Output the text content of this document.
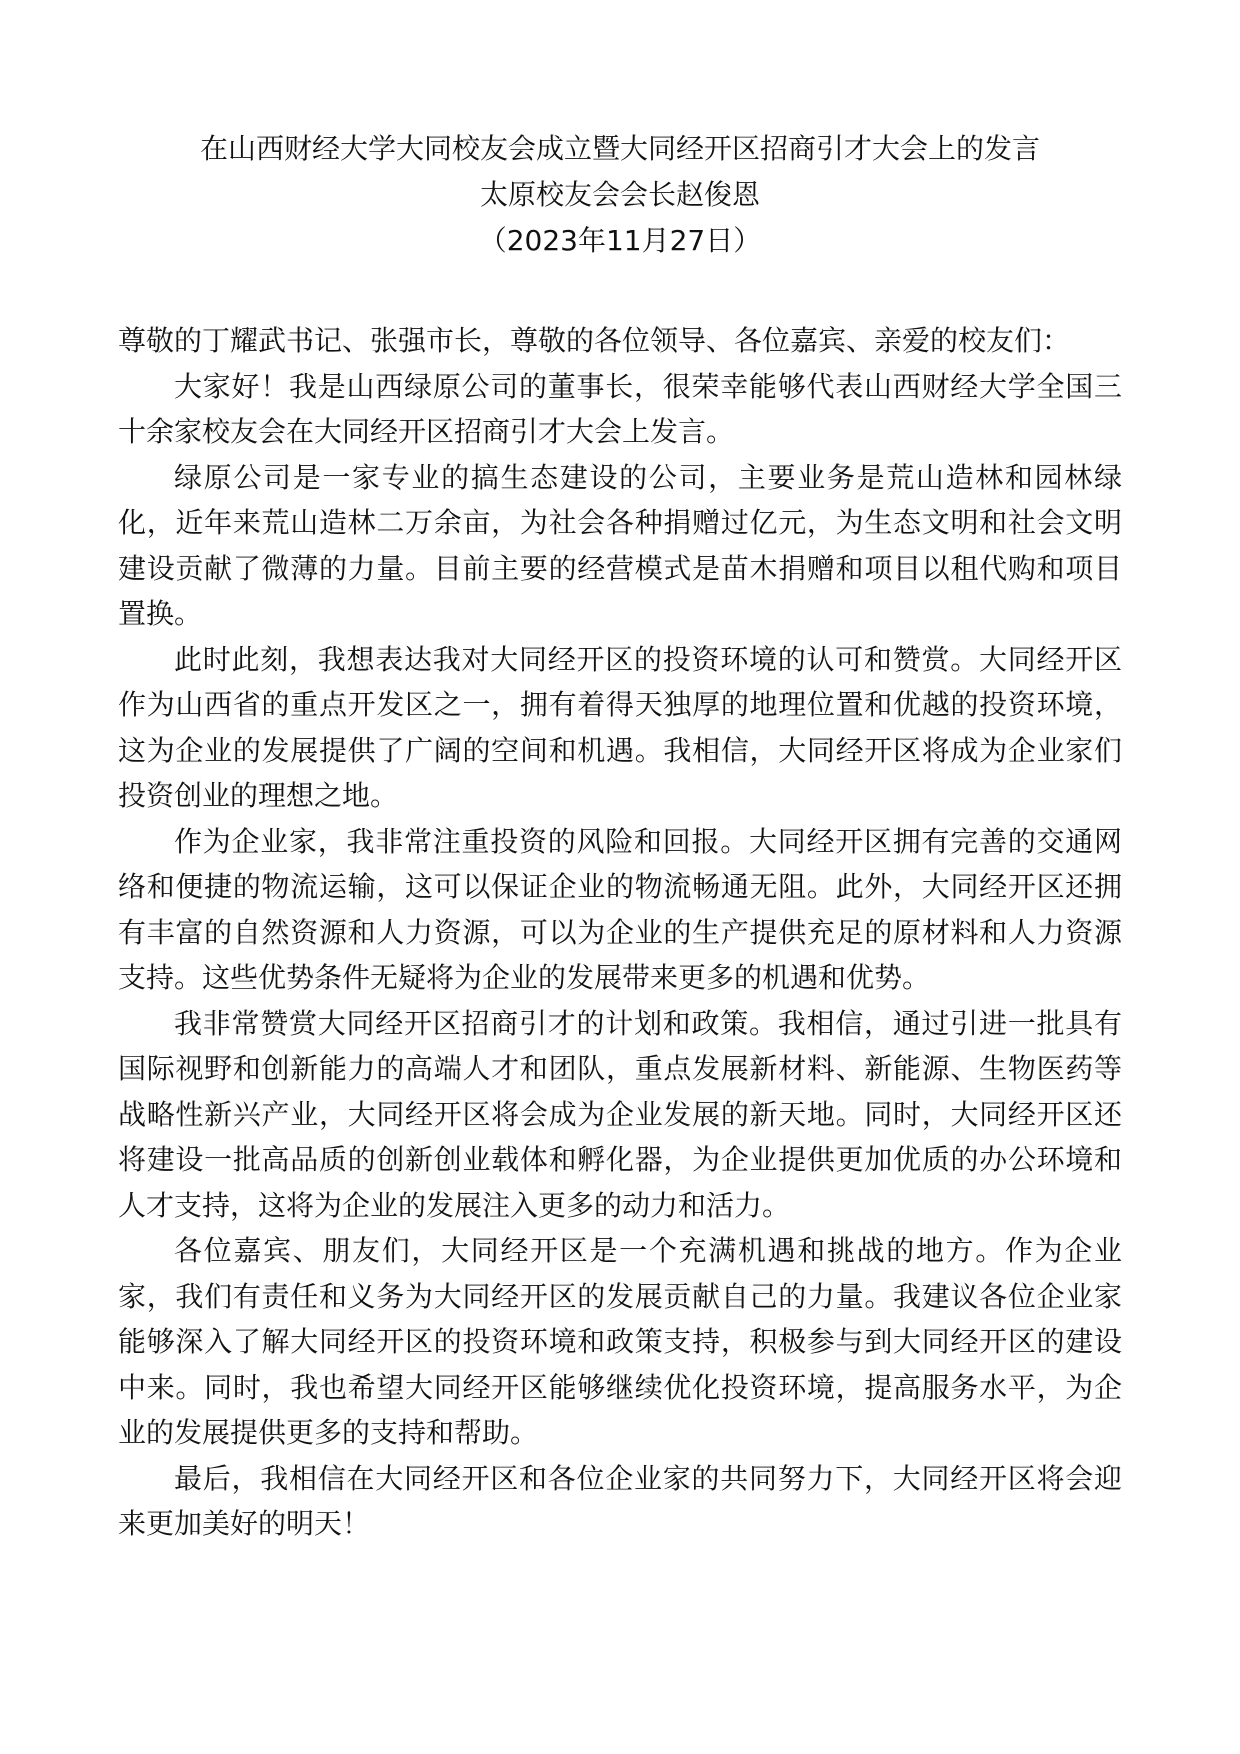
在山西财经大学大同校友会成立暨大同经开区招商引才大会上的发言
太原校友会会长赵俊恩
（2023年11月27日）

尊敬的丁耀武书记、张强市长，尊敬的各位领导、各位嘉宾、亲爱的校友们：

大家好！我是山西绿原公司的董事长，很荣幸能够代表山西财经大学全国三十余家校友会在大同经开区招商引才大会上发言。

绿原公司是一家专业的搞生态建设的公司，主要业务是荒山造林和园林绿化，近年来荒山造林二万余亩，为社会各种捐赠过亿元，为生态文明和社会文明建设贡献了微薄的力量。目前主要的经营模式是苗木捐赠和项目以租代购和项目置换。

此时此刻，我想表达我对大同经开区的投资环境的认可和赞赏。大同经开区作为山西省的重点开发区之一，拥有着得天独厚的地理位置和优越的投资环境，这为企业的发展提供了广阔的空间和机遇。我相信，大同经开区将成为企业家们投资创业的理想之地。

作为企业家，我非常注重投资的风险和回报。大同经开区拥有完善的交通网络和便捷的物流运输，这可以保证企业的物流畅通无阻。此外，大同经开区还拥有丰富的自然资源和人力资源，可以为企业的生产提供充足的原材料和人力资源支持。这些优势条件无疑将为企业的发展带来更多的机遇和优势。

我非常赞赏大同经开区招商引才的计划和政策。我相信，通过引进一批具有国际视野和创新能力的高端人才和团队，重点发展新材料、新能源、生物医药等战略性新兴产业，大同经开区将会成为企业发展的新天地。同时，大同经开区还将建设一批高品质的创新创业载体和孵化器，为企业提供更加优质的办公环境和人才支持，这将为企业的发展注入更多的动力和活力。

各位嘉宾、朋友们，大同经开区是一个充满机遇和挑战的地方。作为企业家，我们有责任和义务为大同经开区的发展贡献自己的力量。我建议各位企业家能够深入了解大同经开区的投资环境和政策支持，积极参与到大同经开区的建设中来。同时，我也希望大同经开区能够继续优化投资环境，提高服务水平，为企业的发展提供更多的支持和帮助。

最后，我相信在大同经开区和各位企业家的共同努力下，大同经开区将会迎来更加美好的明天！
